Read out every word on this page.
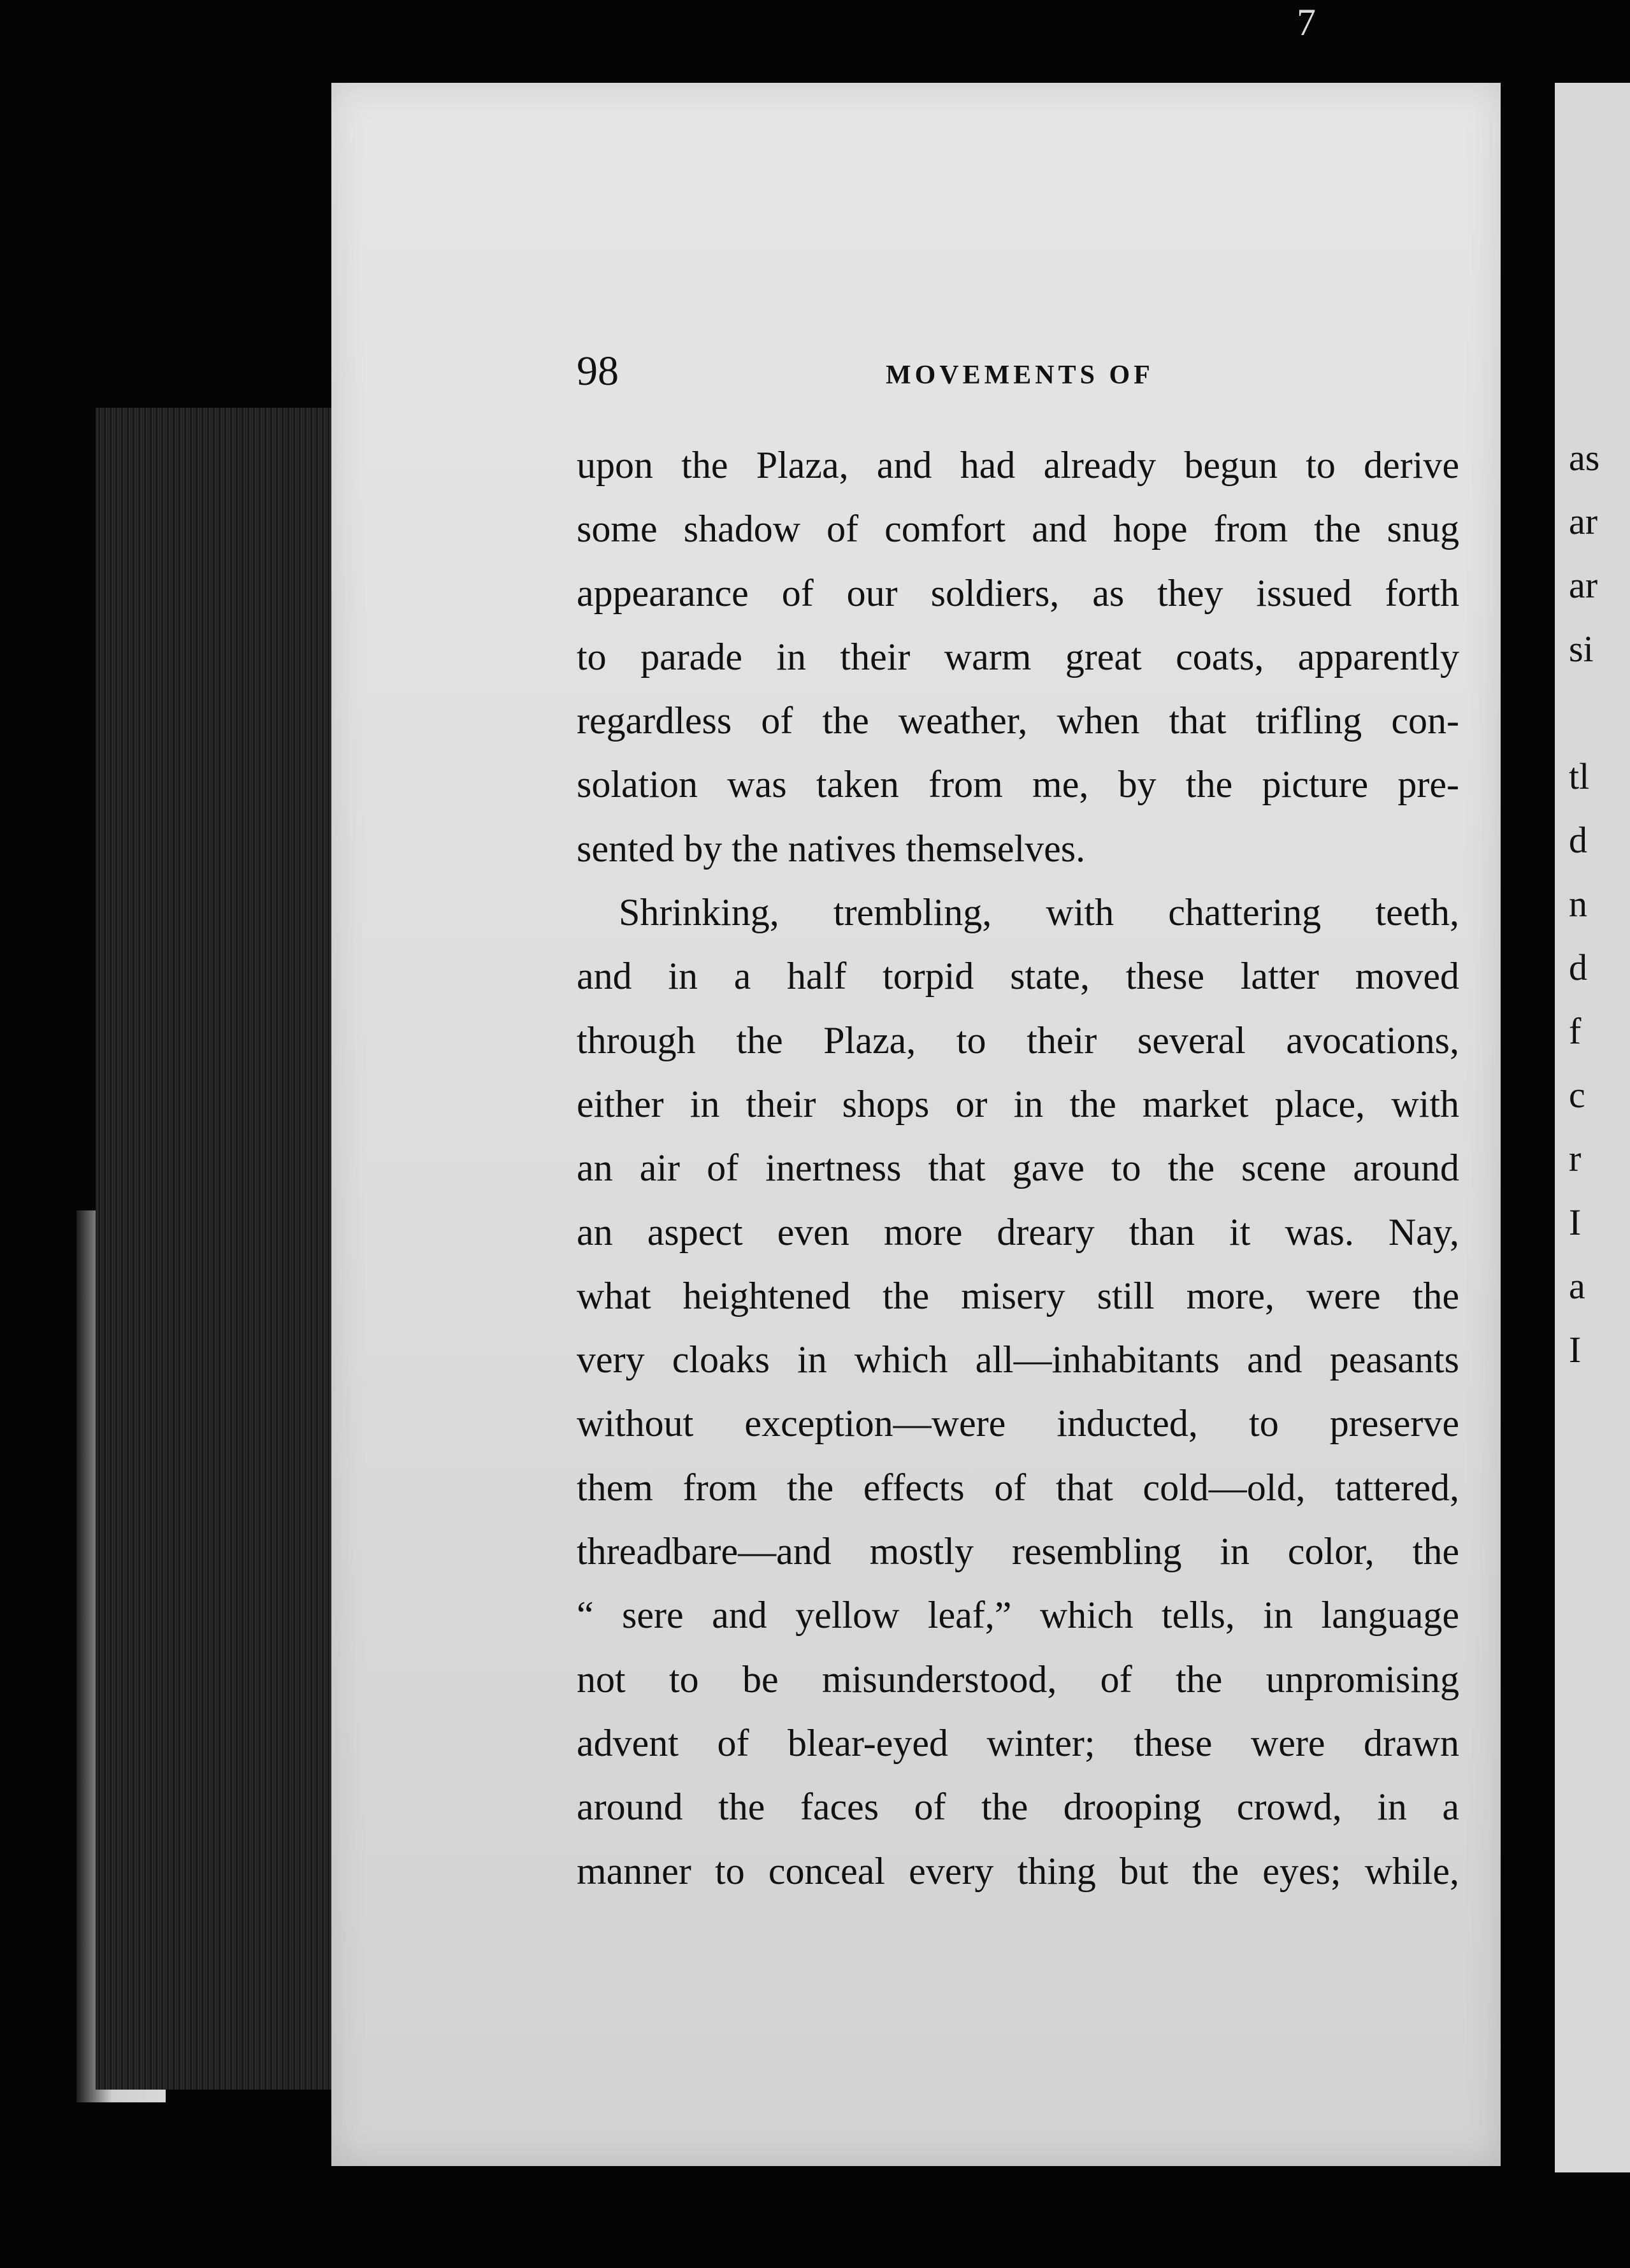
7
98	MOVEMENTS OF
upon the Plaza, and had already begun to derive
some shadow of comfort and hope from the snug
appearance of our soldiers, as they issued forth
to parade in their warm great coats, apparently
regardless of the weather, when that trifling con-
solation was taken from me, by the picture pre-
sented by the natives themselves.
Shrinking, trembling, with chattering teeth,
and in a half torpid state, these latter moved
through the Plaza, to their several avocations,
either in their shops or in the market place, with
an air of inertness that gave to the scene around
an aspect even more dreary than it was. Nay,
what heightened the misery still more, were the
very cloaks in which all—inhabitants and peasants
without exception—were inducted, to preserve
them from the effects of that cold—old, tattered,
threadbare—and mostly resembling in color, the
“ sere and yellow leaf,” which tells, in language
not to be misunderstood, of the unpromising
advent of blear-eyed winter; these were drawn
around the faces of the drooping crowd, in a
manner to conceal every thing but the eyes; while,
as
ar
ar
si
tl
d
n
d
f
c
r
I
a
I
